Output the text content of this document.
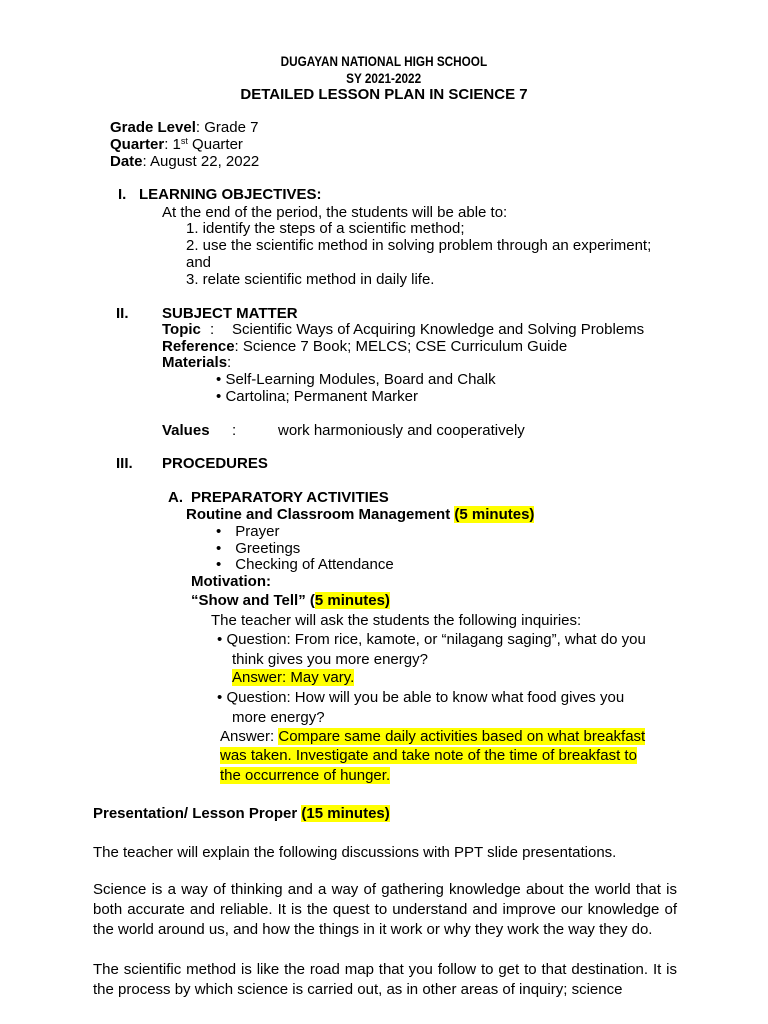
DUGAYAN NATIONAL HIGH SCHOOL
SY 2021-2022
DETAILED LESSON PLAN IN SCIENCE 7
Grade Level: Grade 7
Quarter: 1st Quarter
Date: August 22, 2022
I. LEARNING OBJECTIVES:
At the end of the period, the students will be able to:
1. identify the steps of a scientific method;
2. use the scientific method in solving problem through an experiment;
and
3. relate scientific method in daily life.
II. SUBJECT MATTER
Topic : Scientific Ways of Acquiring Knowledge and Solving Problems
Reference: Science 7 Book; MELCS; CSE Curriculum Guide
Materials:
• Self-Learning Modules, Board and Chalk
• Cartolina; Permanent Marker
Values :	work harmoniously and cooperatively
III. PROCEDURES
A. PREPARATORY ACTIVITIES
Routine and Classroom Management (5 minutes)
• Prayer
• Greetings
• Checking of Attendance
Motivation:
“Show and Tell” (5 minutes)
The teacher will ask the students the following inquiries:
• Question: From rice, kamote, or “nilagang saging”, what do you
think gives you more energy?
Answer: May vary.
• Question: How will you be able to know what food gives you
more energy?
Answer: Compare same daily activities based on what breakfast
was taken. Investigate and take note of the time of breakfast to
the occurrence of hunger.
Presentation/ Lesson Proper (15 minutes)
The teacher will explain the following discussions with PPT slide presentations.
Science is a way of thinking and a way of gathering knowledge about the world that is both accurate and reliable. It is the quest to understand and improve our knowledge of the world around us, and how the things in it work or why they work the way they do.
The scientific method is like the road map that you follow to get to that destination. It is the process by which science is carried out, as in other areas of inquiry; science
